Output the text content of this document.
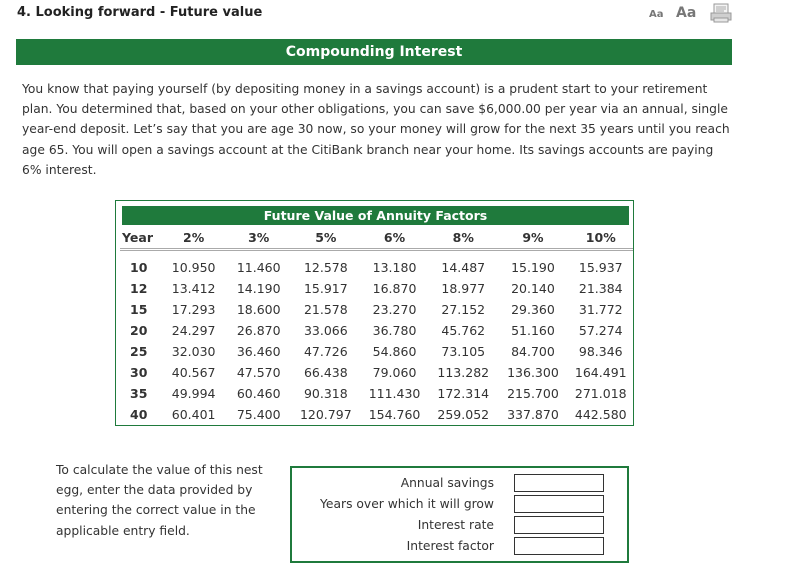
4. Looking forward - Future value	Aa Aa
Compounding Interest
You know that paying yourself (by depositing money in a savings account) is a prudent start to your retirement plan. You determined that, based on your other obligations, you can save $6,000.00 per year via an annual, single year-end deposit. Let’s say that you are age 30 now, so your money will grow for the next 35 years until you reach age 65. You will open a savings account at the CitiBank branch near your home. Its savings accounts are paying 6% interest.
Future Value of Annuity Factors
Year	2%	3%	5%	6%	8%	9%	10%
10	10.950	11.460	12.578	13.180	14.487	15.190	15.937
12	13.412	14.190	15.917	16.870	18.977	20.140	21.384
15	17.293	18.600	21.578	23.270	27.152	29.360	31.772
20	24.297	26.870	33.066	36.780	45.762	51.160	57.274
25	32.030	36.460	47.726	54.860	73.105	84.700	98.346
30	40.567	47.570	66.438	79.060	113.282	136.300	164.491
35	49.994	60.460	90.318	111.430	172.314	215.700	271.018
40	60.401	75.400	120.797	154.760	259.052	337.870	442.580
To calculate the value of this nest egg, enter the data provided by entering the correct value in the applicable entry field.
Annual savings
Years over which it will grow
Interest rate
Interest factor
